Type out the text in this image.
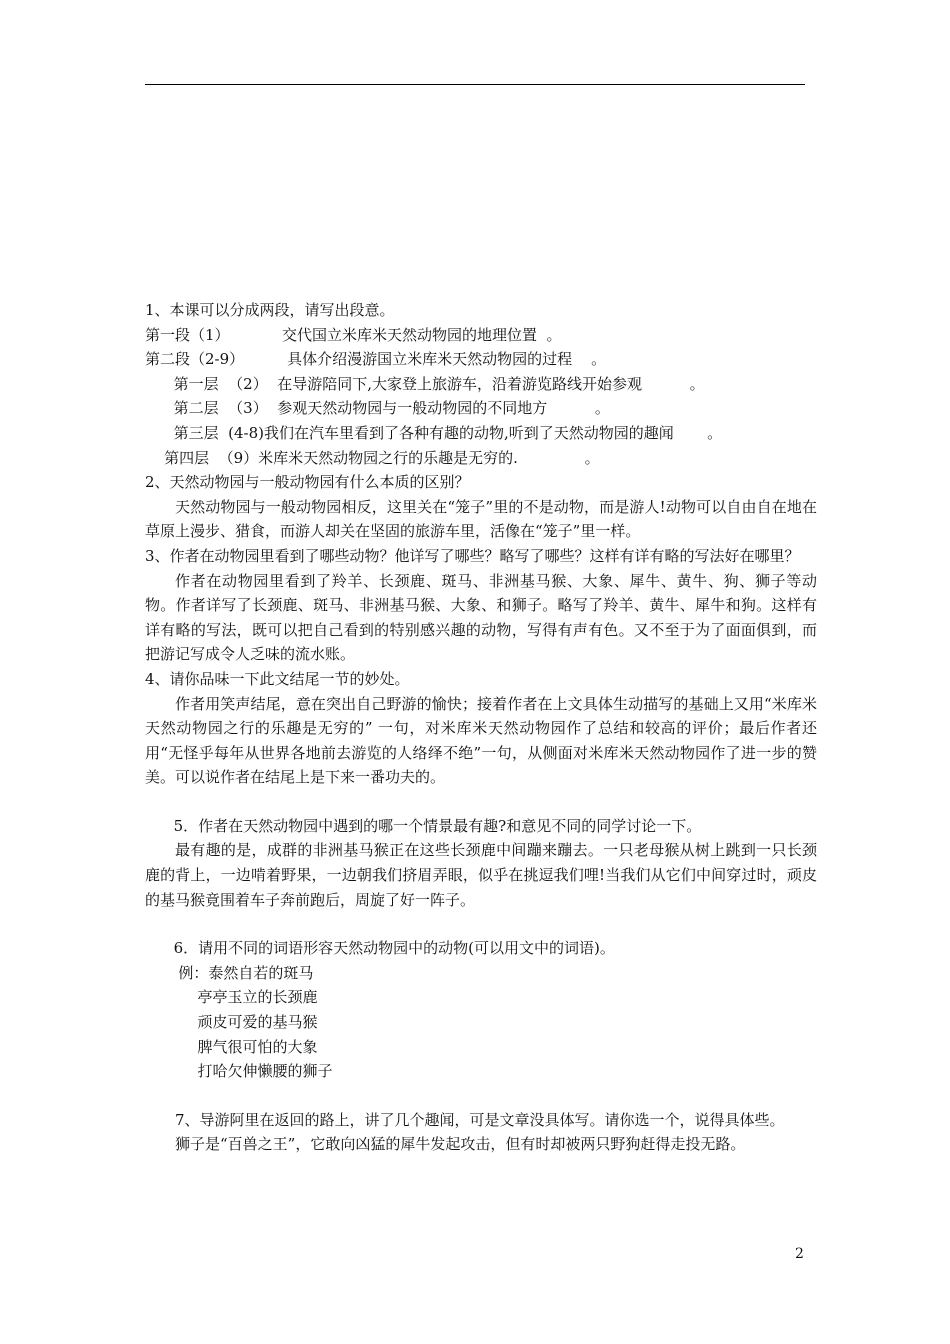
1、本课可以分成两段，请写出段意。
第一段（1）           交代国立米库米天然动物园的地理位置  。
第二段（2-9）         具体介绍漫游国立米库米天然动物园的过程    。
第一层  （2）  在导游陪同下,大家登上旅游车，沿着游览路线开始参观          。
第二层  （3）  参观天然动物园与一般动物园的不同地方          。
第三层  (4-8)我们在汽车里看到了各种有趣的动物,听到了天然动物园的趣闻       。
第四层  （9）米库米天然动物园之行的乐趣是无穷的.              。
2、天然动物园与一般动物园有什么本质的区别？
天然动物园与一般动物园相反，这里关在“笼子”里的不是动物，而是游人!动物可以自由自在地在草原上漫步、猎食，而游人却关在坚固的旅游车里，活像在“笼子”里一样。
3、作者在动物园里看到了哪些动物？他详写了哪些？略写了哪些？这样有详有略的写法好在哪里？
作者在动物园里看到了羚羊、长颈鹿、斑马、非洲基马猴、大象、犀牛、黄牛、狗、狮子等动物。作者详写了长颈鹿、斑马、非洲基马猴、大象、和狮子。略写了羚羊、黄牛、犀牛和狗。这样有详有略的写法，既可以把自己看到的特别感兴趣的动物，写得有声有色。又不至于为了面面俱到，而把游记写成令人乏味的流水账。
4、请你品味一下此文结尾一节的妙处。
作者用笑声结尾，意在突出自己野游的愉快；接着作者在上文具体生动描写的基础上又用“米库米天然动物园之行的乐趣是无穷的” 一句，对米库米天然动物园作了总结和较高的评价；最后作者还用“无怪乎每年从世界各地前去游览的人络绎不绝”一句，从侧面对米库米天然动物园作了进一步的赞美。可以说作者在结尾上是下来一番功夫的。
5．作者在天然动物园中遇到的哪一个情景最有趣?和意见不同的同学讨论一下。
最有趣的是，成群的非洲基马猴正在这些长颈鹿中间蹦来蹦去。一只老母猴从树上跳到一只长颈鹿的背上，一边啃着野果，一边朝我们挤眉弄眼，似乎在挑逗我们哩!当我们从它们中间穿过时，顽皮的基马猴竟围着车子奔前跑后，周旋了好一阵子。
6．请用不同的词语形容天然动物园中的动物(可以用文中的词语)。
例：泰然自若的斑马
亭亭玉立的长颈鹿
顽皮可爱的基马猴
脾气很可怕的大象
打哈欠伸懒腰的狮子
7、导游阿里在返回的路上，讲了几个趣闻，可是文章没具体写。请你选一个，说得具体些。
狮子是“百兽之王”，它敢向凶猛的犀牛发起攻击，但有时却被两只野狗赶得走投无路。
2
